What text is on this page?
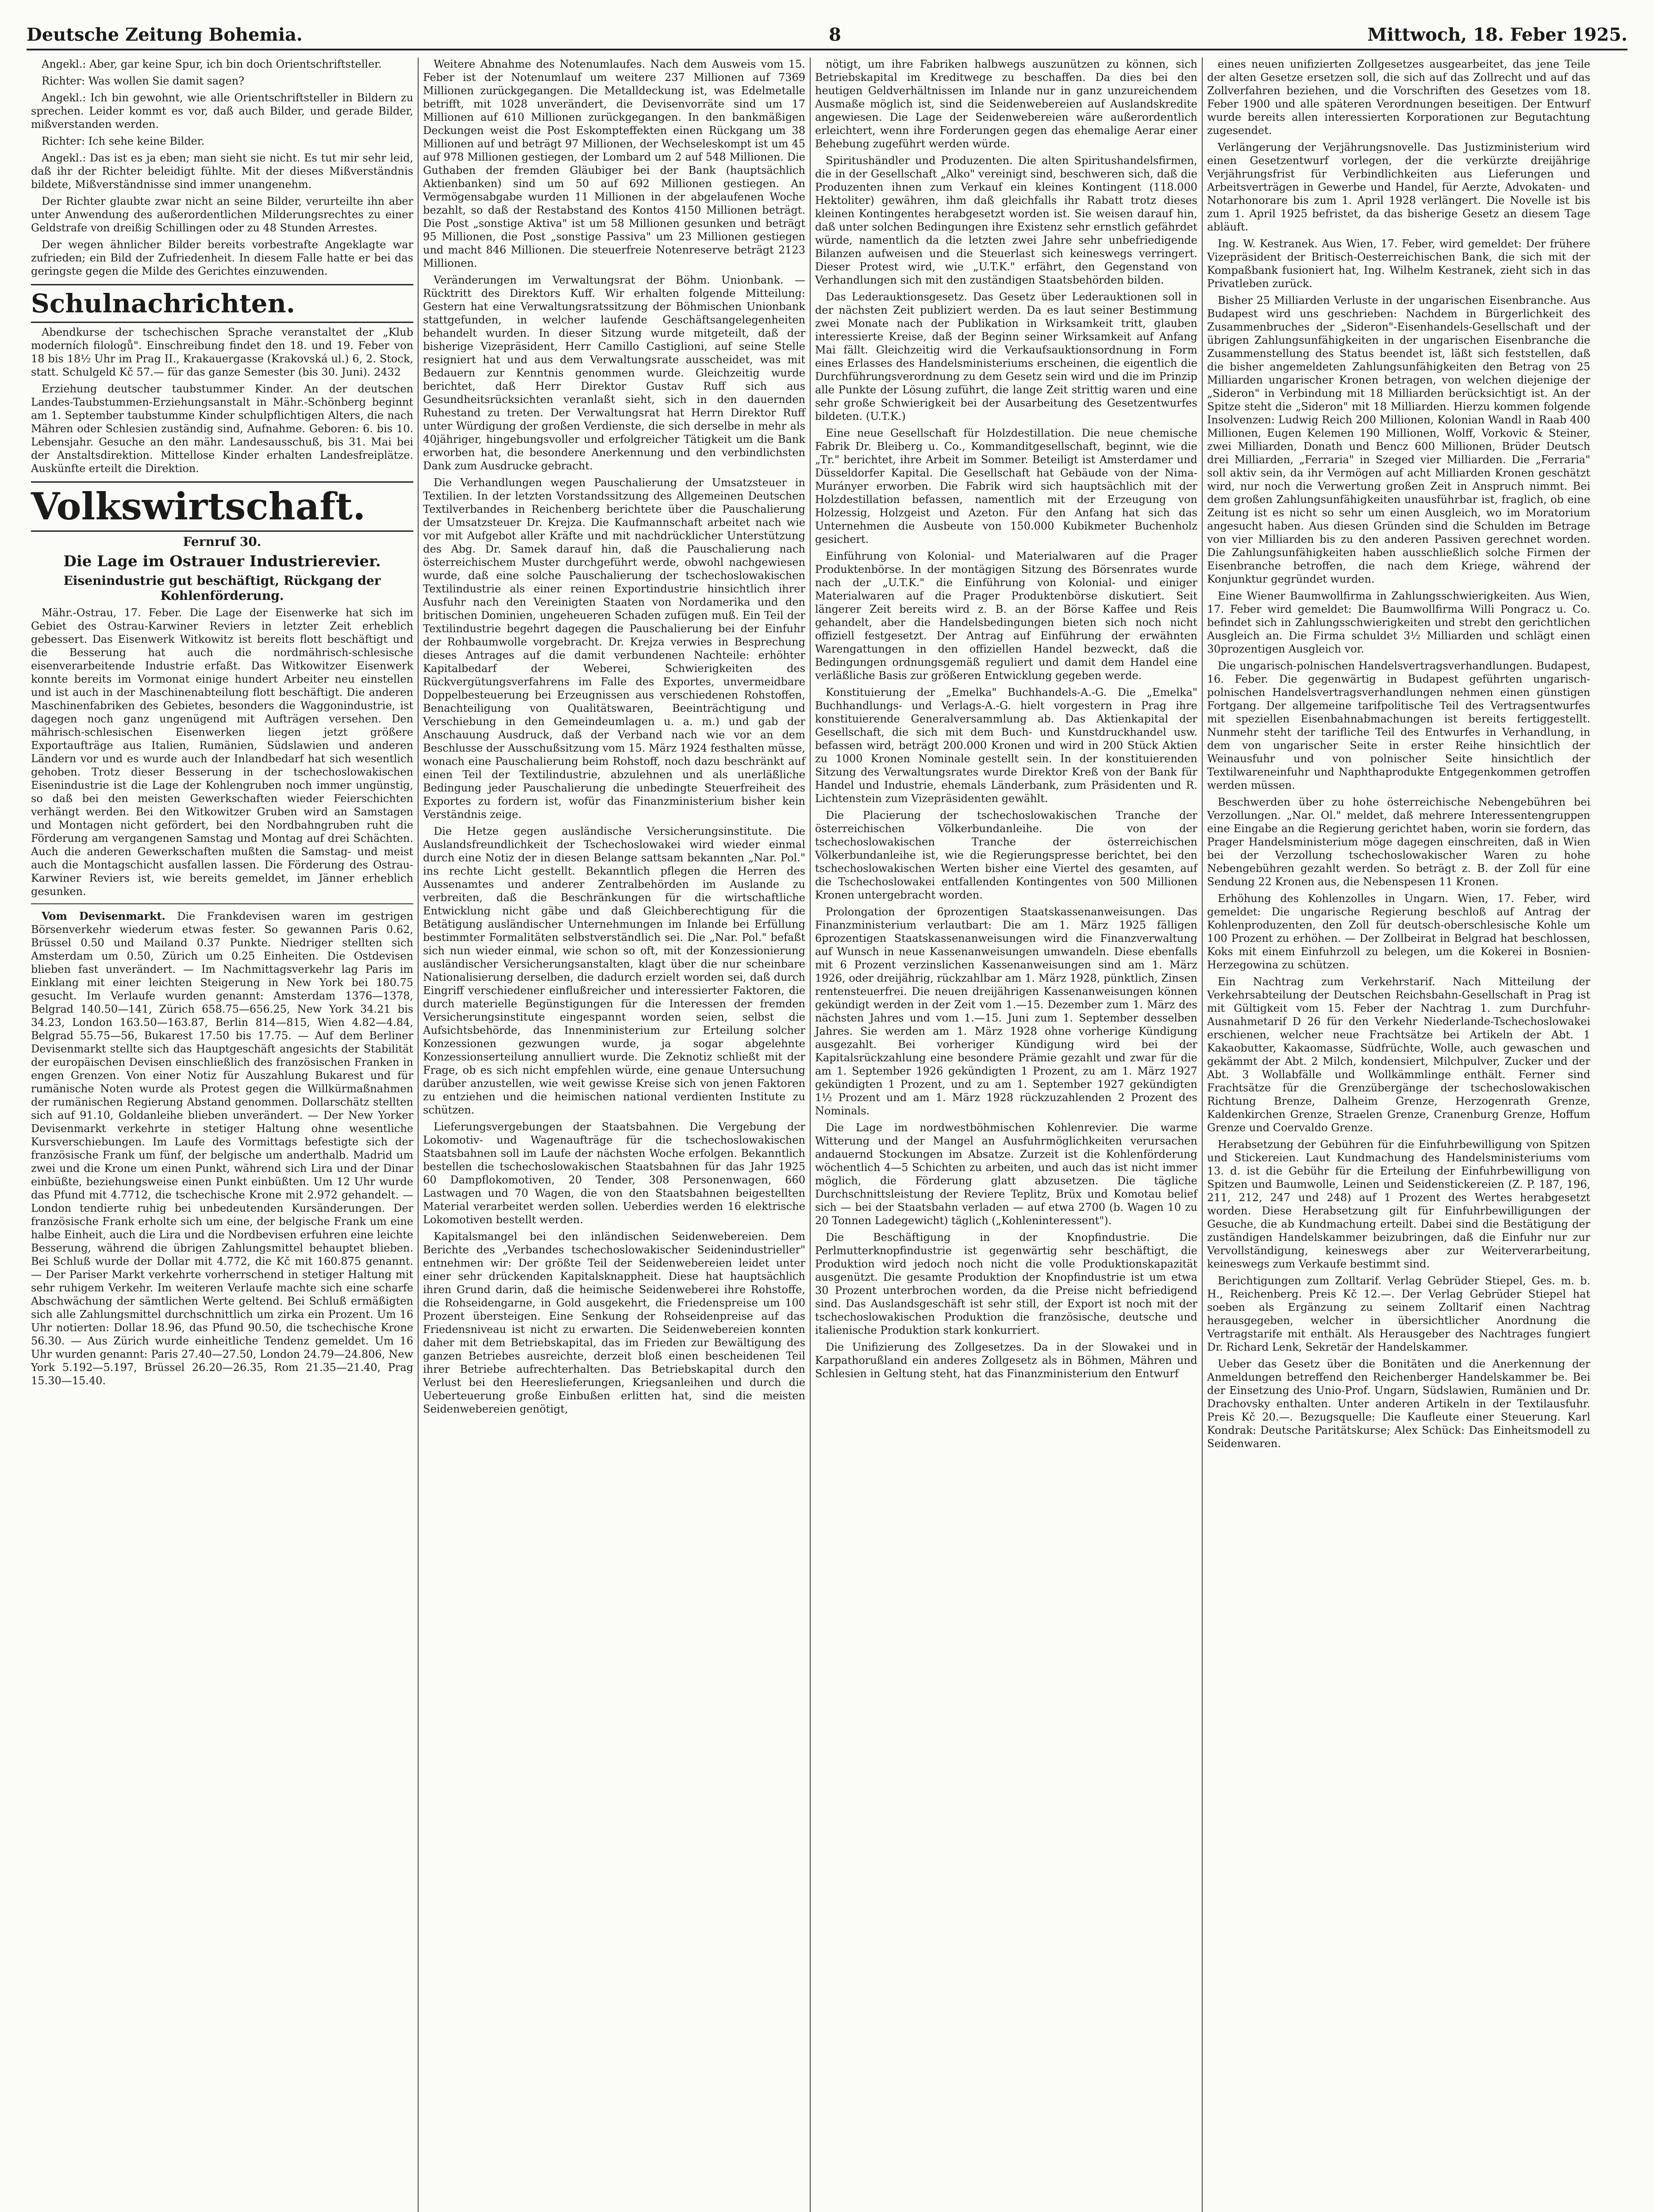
Deutsche Zeitung Bohemia.	8	Mittwoch, 18. Feber 1925.

Angekl.: Aber, gar keine Spur, ich bin doch Orientschriftsteller.

Richter: Was wollen Sie damit sagen?

Angekl.: Ich bin gewohnt, wie alle Orientschriftsteller in Bildern zu sprechen. Leider kommt es vor, daß auch Bilder, und gerade Bilder, mißverstanden werden.

Richter: Ich sehe keine Bilder.

Angekl.: Das ist es ja eben; man sieht sie nicht. Es tut mir sehr leid, daß ihr der Richter beleidigt fühlte. Mit der dieses Mißverständnis bildete, Mißverständnisse sind immer unangenehm.

Der Richter glaubte zwar nicht an seine Bilder, verurteilte ihn aber unter Anwendung des außerordentlichen Milderungsrechtes zu einer Geldstrafe von dreißig Schillingen oder zu 48 Stunden Arrestes.

Der wegen ähnlicher Bilder bereits vorbestrafte Angeklagte war zufrieden; ein Bild der Zufriedenheit. In diesem Falle hatte er bei das geringste gegen die Milde des Gerichtes einzuwenden.

Schulnachrichten.

Abendkurse der tschechischen Sprache veranstaltet der „Klub moderních filologů". Einschreibung findet den 18. und 19. Feber von 18 bis 18½ Uhr im Prag II., Krakauergasse (Krakovská ul.) 6, 2. Stock, statt. Schulgeld Kč 57.— für das ganze Semester (bis 30. Juni). 2432

Erziehung deutscher taubstummer Kinder. An der deutschen Landes-Taubstummen-Erziehungsanstalt in Mähr.-Schönberg beginnt am 1. September taubstumme Kinder schulpflichtigen Alters, die nach Mähren oder Schlesien zuständig sind, Aufnahme. Geboren: 6. bis 10. Lebensjahr. Gesuche an den mähr. Landesausschuß, bis 31. Mai bei der Anstaltsdirektion. Mittellose Kinder erhalten Landesfreiplätze. Auskünfte erteilt die Direktion.

Volkswirtschaft.
Fernruf 30.
Die Lage im Ostrauer Industrierevier.
Eisenindustrie gut beschäftigt, Rückgang der Kohlenförderung.

Mähr.-Ostrau, 17. Feber. Die Lage der Eisenwerke hat sich im Gebiet des Ostrau-Karwiner Reviers in letzter Zeit erheblich gebessert. Das Eisenwerk Witkowitz ist bereits flott beschäftigt und die Besserung hat auch die nordmährisch-schlesische eisenverarbeitende Industrie erfaßt. Das Witkowitzer Eisenwerk konnte bereits im Vormonat einige hundert Arbeiter neu einstellen und ist auch in der Maschinenabteilung flott beschäftigt. Die anderen Maschinenfabriken des Gebietes, besonders die Waggonindustrie, ist dagegen noch ganz ungenügend mit Aufträgen versehen. Den mährisch-schlesischen Eisenwerken liegen jetzt größere Exportaufträge aus Italien, Rumänien, Südslawien und anderen Ländern vor und es wurde auch der Inlandbedarf hat sich wesentlich gehoben. Trotz dieser Besserung in der tschechoslowakischen Eisenindustrie ist die Lage der Kohlengruben noch immer ungünstig, so daß bei den meisten Gewerkschaften wieder Feierschichten verhängt werden. Bei den Witkowitzer Gruben wird an Samstagen und Montagen nicht gefördert, bei den Nordbahngruben ruht die Förderung am vergangenen Samstag und Montag auf drei Schächten. Auch die anderen Gewerkschaften mußten die Samstag- und meist auch die Montagschicht ausfallen lassen. Die Förderung des Ostrau-Karwiner Reviers ist, wie bereits gemeldet, im Jänner erheblich gesunken.

Vom Devisenmarkt. Die Frankdevisen waren im gestrigen Börsenverkehr wiederum etwas fester. So gewannen Paris 0.62, Brüssel 0.50 und Mailand 0.37 Punkte. Niedriger stellten sich Amsterdam um 0.50, Zürich um 0.25 Einheiten. Die Ostdevisen blieben fast unverändert. — Im Nachmittagsverkehr lag Paris im Einklang mit einer leichten Steigerung in New York bei 180.75 gesucht. Im Verlaufe wurden genannt: Amsterdam 1376—1378, Belgrad 140.50—141, Zürich 658.75—656.25, New York 34.21 bis 34.23, London 163.50—163.87, Berlin 814—815, Wien 4.82—4.84, Belgrad 55.75—56, Bukarest 17.50 bis 17.75. — Auf dem Berliner Devisenmarkt stellte sich das Hauptgeschäft angesichts der Stabilität der europäischen Devisen einschließlich des französischen Franken in engen Grenzen. Von einer Notiz für Auszahlung Bukarest und für rumänische Noten wurde als Protest gegen die Willkürmaßnahmen der rumänischen Regierung Abstand genommen. Dollarschätz stellten sich auf 91.10, Goldanleihe blieben unverändert. — Der New Yorker Devisenmarkt verkehrte in stetiger Haltung ohne wesentliche Kursverschiebungen. Im Laufe des Vormittags befestigte sich der französische Frank um fünf, der belgische um anderthalb. Madrid um zwei und die Krone um einen Punkt, während sich Lira und der Dinar einbüßte, beziehungsweise einen Punkt einbüßten. Um 12 Uhr wurde das Pfund mit 4.7712, die tschechische Krone mit 2.972 gehandelt. — London tendierte ruhig bei unbedeutenden Kursänderungen. Der französische Frank erholte sich um eine, der belgische Frank um eine halbe Einheit, auch die Lira und die Nordbevisen erfuhren eine leichte Besserung, während die übrigen Zahlungsmittel behauptet blieben. Bei Schluß wurde der Dollar mit 4.772, die Kč mit 160.875 genannt. — Der Pariser Markt verkehrte vorherrschend in stetiger Haltung mit sehr ruhigem Verkehr. Im weiteren Verlaufe machte sich eine scharfe Abschwächung der sämtlichen Werte geltend. Bei Schluß ermäßigten sich alle Zahlungsmittel durchschnittlich um zirka ein Prozent. Um 16 Uhr notierten: Dollar 18.96, das Pfund 90.50, die tschechische Krone 56.30. — Aus Zürich wurde einheitliche Tendenz gemeldet. Um 16 Uhr wurden genannt: Paris 27.40—27.50, London 24.79—24.806, New York 5.192—5.197, Brüssel 26.20—26.35, Rom 21.35—21.40, Prag 15.30—15.40.

Weitere Abnahme des Notenumlaufes. Nach dem Ausweis vom 15. Feber ist der Notenumlauf um weitere 237 Millionen auf 7369 Millionen zurückgegangen. Die Metalldeckung ist, was Edelmetalle betrifft, mit 1028 unverändert, die Devisenvorräte sind um 17 Millionen auf 610 Millionen zurückgegangen. In den bankmäßigen Deckungen weist die Post Eskompteffekten einen Rückgang um 38 Millionen auf und beträgt 97 Millionen, der Wechseleskompt ist um 45 auf 978 Millionen gestiegen, der Lombard um 2 auf 548 Millionen. Die Guthaben der fremden Gläubiger bei der Bank (hauptsächlich Aktienbanken) sind um 50 auf 692 Millionen gestiegen. An Vermögensabgabe wurden 11 Millionen in der abgelaufenen Woche bezahlt, so daß der Restabstand des Kontos 4150 Millionen beträgt. Die Post „sonstige Aktiva" ist um 58 Millionen gesunken und beträgt 95 Millionen, die Post „sonstige Passiva" um 23 Millionen gestiegen und macht 846 Millionen. Die steuerfreie Notenreserve beträgt 2123 Millionen.

Veränderungen im Verwaltungsrat der Böhm. Unionbank. — Rücktritt des Direktors Kuff. Wir erhalten folgende Mitteilung: Gestern hat eine Verwaltungsratssitzung der Böhmischen Unionbank stattgefunden, in welcher laufende Geschäftsangelegenheiten behandelt wurden. In dieser Sitzung wurde mitgeteilt, daß der bisherige Vizepräsident, Herr Camillo Castiglioni, auf seine Stelle resigniert hat und aus dem Verwaltungsrate ausscheidet, was mit Bedauern zur Kenntnis genommen wurde. Gleichzeitig wurde berichtet, daß Herr Direktor Gustav Ruff sich aus Gesundheitsrücksichten veranlaßt sieht, sich in den dauernden Ruhestand zu treten. Der Verwaltungsrat hat Herrn Direktor Ruff unter Würdigung der großen Verdienste, die sich derselbe in mehr als 40jähriger, hingebungsvoller und erfolgreicher Tätigkeit um die Bank erworben hat, die besondere Anerkennung und den verbindlichsten Dank zum Ausdrucke gebracht.

Die Verhandlungen wegen Pauschalierung der Umsatzsteuer in Textilien. In der letzten Vorstandssitzung des Allgemeinen Deutschen Textilverbandes in Reichenberg berichtete über die Pauschalierung der Umsatzsteuer Dr. Krejza. Die Kaufmannschaft arbeitet nach wie vor mit Aufgebot aller Kräfte und mit nachdrücklicher Unterstützung des Abg. Dr. Samek darauf hin, daß die Pauschalierung nach österreichischem Muster durchgeführt werde, obwohl nachgewiesen wurde, daß eine solche Pauschalierung der tschechoslowakischen Textilindustrie als einer reinen Exportindustrie hinsichtlich ihrer Ausfuhr nach den Vereinigten Staaten von Nordamerika und den britischen Dominien, ungeheueren Schaden zufügen muß. Ein Teil der Textilindustrie begehrt dagegen die Pauschalierung bei der Einfuhr der Rohbaumwolle vorgebracht. Dr. Krejza verwies in Besprechung dieses Antrages auf die damit verbundenen Nachteile: erhöhter Kapitalbedarf der Weberei, Schwierigkeiten des Rückvergütungsverfahrens im Falle des Exportes, unvermeidbare Doppelbesteuerung bei Erzeugnissen aus verschiedenen Rohstoffen, Benachteiligung von Qualitätswaren, Beeinträchtigung und Verschiebung in den Gemeindeumlagen u. a. m.) und gab der Anschauung Ausdruck, daß der Verband nach wie vor an dem Beschlusse der Ausschußsitzung vom 15. März 1924 festhalten müsse, wonach eine Pauschalierung beim Rohstoff, noch dazu beschränkt auf einen Teil der Textilindustrie, abzulehnen und als unerläßliche Bedingung jeder Pauschalierung die unbedingte Steuerfreiheit des Exportes zu fordern ist, wofür das Finanzministerium bisher kein Verständnis zeige.

Die Hetze gegen ausländische Versicherungsinstitute. Die Auslandsfreundlichkeit der Tschechoslowakei wird wieder einmal durch eine Notiz der in diesen Belange sattsam bekannten „Nar. Pol." ins rechte Licht gestellt. Bekanntlich pflegen die Herren des Aussenamtes und anderer Zentralbehörden im Auslande zu verbreiten, daß die Beschränkungen für die wirtschaftliche Entwicklung nicht gäbe und daß Gleichberechtigung für die Betätigung ausländischer Unternehmungen im Inlande bei Erfüllung bestimmter Formalitäten selbstverständlich sei. Die „Nar. Pol." befaßt sich nun wieder einmal, wie schon so oft, mit der Konzessionierung ausländischer Versicherungsanstalten, klagt über die nur scheinbare Nationalisierung derselben, die dadurch erzielt worden sei, daß durch Eingriff verschiedener einflußreicher und interessierter Faktoren, die durch materielle Begünstigungen für die Interessen der fremden Versicherungsinstitute eingespannt worden seien, selbst die Aufsichtsbehörde, das Innenministerium zur Erteilung solcher Konzessionen gezwungen wurde, ja sogar abgelehnte Konzessionserteilung annulliert wurde. Die Zeknotiz schließt mit der Frage, ob es sich nicht empfehlen würde, eine genaue Untersuchung darüber anzustellen, wie weit gewisse Kreise sich von jenen Faktoren zu entziehen und die heimischen national verdienten Institute zu schützen.

Lieferungsvergebungen der Staatsbahnen. Die Vergebung der Lokomotiv- und Wagenaufträge für die tschechoslowakischen Staatsbahnen soll im Laufe der nächsten Woche erfolgen. Bekanntlich bestellen die tschechoslowakischen Staatsbahnen für das Jahr 1925 60 Dampflokomotiven, 20 Tender, 308 Personenwagen, 660 Lastwagen und 70 Wagen, die von den Staatsbahnen beigestellten Material verarbeitet werden sollen. Ueberdies werden 16 elektrische Lokomotiven bestellt werden.

Kapitalsmangel bei den inländischen Seidenwebereien. Dem Berichte des „Verbandes tschechoslowakischer Seidenindustrieller" entnehmen wir: Der größte Teil der Seidenwebereien leidet unter einer sehr drückenden Kapitalsknappheit. Diese hat hauptsächlich ihren Grund darin, daß die heimische Seidenweberei ihre Rohstoffe, die Rohseidengarne, in Gold ausgekehrt, die Friedenspreise um 100 Prozent übersteigen. Eine Senkung der Rohseidenpreise auf das Friedensniveau ist nicht zu erwarten. Die Seidenwebereien konnten daher mit dem Betriebskapital, das im Frieden zur Bewältigung des ganzen Betriebes ausreichte, derzeit bloß einen bescheidenen Teil ihrer Betriebe aufrechterhalten. Das Betriebskapital durch den Verlust bei den Heereslieferungen, Kriegsanleihen und durch die Ueberteuerung große Einbußen erlitten hat, sind die meisten Seidenwebereien genötigt,

nötigt, um ihre Fabriken halbwegs auszunützen zu können, sich Betriebskapital im Kreditwege zu beschaffen. Da dies bei den heutigen Geldverhältnissen im Inlande nur in ganz unzureichendem Ausmaße möglich ist, sind die Seidenwebereien auf Auslandskredite angewiesen. Die Lage der Seidenwebereien wäre außerordentlich erleichtert, wenn ihre Forderungen gegen das ehemalige Aerar einer Behebung zugeführt werden würde.

Spiritushändler und Produzenten. Die alten Spiritushandelsfirmen, die in der Gesellschaft „Alko" vereinigt sind, beschweren sich, daß die Produzenten ihnen zum Verkauf ein kleines Kontingent (118.000 Hektoliter) gewähren, ihm daß gleichfalls ihr Rabatt trotz dieses kleinen Kontingentes herabgesetzt worden ist. Sie weisen darauf hin, daß unter solchen Bedingungen ihre Existenz sehr ernstlich gefährdet würde, namentlich da die letzten zwei Jahre sehr unbefriedigende Bilanzen aufweisen und die Steuerlast sich keineswegs verringert. Dieser Protest wird, wie „U.T.K." erfährt, den Gegenstand von Verhandlungen sich mit den zuständigen Staatsbehörden bilden.

Das Lederauktionsgesetz. Das Gesetz über Lederauktionen soll in der nächsten Zeit publiziert werden. Da es laut seiner Bestimmung zwei Monate nach der Publikation in Wirksamkeit tritt, glauben interessierte Kreise, daß der Beginn seiner Wirksamkeit auf Anfang Mai fällt. Gleichzeitig wird die Verkaufsauktionsordnung in Form eines Erlasses des Handelsministeriums erscheinen, die eigentlich die Durchführungsverordnung zu dem Gesetz sein wird und die im Prinzip alle Punkte der Lösung zuführt, die lange Zeit strittig waren und eine sehr große Schwierigkeit bei der Ausarbeitung des Gesetzentwurfes bildeten. (U.T.K.)

Eine neue Gesellschaft für Holzdestillation. Die neue chemische Fabrik Dr. Bleiberg u. Co., Kommanditgesellschaft, beginnt, wie die „Tr." berichtet, ihre Arbeit im Sommer. Beteiligt ist Amsterdamer und Düsseldorfer Kapital. Die Gesellschaft hat Gebäude von der Nima-Murányer erworben. Die Fabrik wird sich hauptsächlich mit der Holzdestillation befassen, namentlich mit der Erzeugung von Holzessig, Holzgeist und Azeton. Für den Anfang hat sich das Unternehmen die Ausbeute von 150.000 Kubikmeter Buchenholz gesichert.

Einführung von Kolonial- und Materialwaren auf die Prager Produktenbörse. In der montägigen Sitzung des Börsenrates wurde nach der „U.T.K." die Einführung von Kolonial- und einiger Materialwaren auf die Prager Produktenbörse diskutiert. Seit längerer Zeit bereits wird z. B. an der Börse Kaffee und Reis gehandelt, aber die Handelsbedingungen bieten sich noch nicht offiziell festgesetzt. Der Antrag auf Einführung der erwähnten Warengattungen in den offiziellen Handel bezweckt, daß die Bedingungen ordnungsgemäß reguliert und damit dem Handel eine verläßliche Basis zur größeren Entwicklung gegeben werde.

Konstituierung der „Emelka" Buchhandels-A.-G. Die „Emelka" Buchhandlungs- und Verlags-A.-G. hielt vorgestern in Prag ihre konstituierende Generalversammlung ab. Das Aktienkapital der Gesellschaft, die sich mit dem Buch- und Kunstdruckhandel usw. befassen wird, beträgt 200.000 Kronen und wird in 200 Stück Aktien zu 1000 Kronen Nominale gestellt sein. In der konstituierenden Sitzung des Verwaltungsrates wurde Direktor Kreß von der Bank für Handel und Industrie, ehemals Länderbank, zum Präsidenten und R. Lichtenstein zum Vizepräsidenten gewählt.

Die Placierung der tschechoslowakischen Tranche der österreichischen Völkerbundanleihe. Die von der tschechoslowakischen Tranche der österreichischen Völkerbundanleihe ist, wie die Regierungspresse berichtet, bei den tschechoslowakischen Werten bisher eine Viertel des gesamten, auf die Tschechoslowakei entfallenden Kontingentes von 500 Millionen Kronen untergebracht worden.

Prolongation der 6prozentigen Staatskassenanweisungen. Das Finanzministerium verlautbart: Die am 1. März 1925 fälligen 6prozentigen Staatskassenanweisungen wird die Finanzverwaltung auf Wunsch in neue Kassenanweisungen umwandeln. Diese ebenfalls mit 6 Prozent verzinslichen Kassenanweisungen sind am 1. März 1926, oder dreijährig, rückzahlbar am 1. März 1928, pünktlich, Zinsen rentensteuerfrei. Die neuen dreijährigen Kassenanweisungen können gekündigt werden in der Zeit vom 1.—15. Dezember zum 1. März des nächsten Jahres und vom 1.—15. Juni zum 1. September desselben Jahres. Sie werden am 1. März 1928 ohne vorherige Kündigung ausgezahlt. Bei vorheriger Kündigung wird bei der Kapitalsrückzahlung eine besondere Prämie gezahlt und zwar für die am 1. September 1926 gekündigten 1 Prozent, zu am 1. März 1927 gekündigten 1 Prozent, und zu am 1. September 1927 gekündigten 1½ Prozent und am 1. März 1928 rückzuzahlenden 2 Prozent des Nominals.

Die Lage im nordwestböhmischen Kohlenrevier. Die warme Witterung und der Mangel an Ausfuhrmöglichkeiten verursachen andauernd Stockungen im Absatze. Zurzeit ist die Kohlenförderung wöchentlich 4—5 Schichten zu arbeiten, und auch das ist nicht immer möglich, die Förderung glatt abzusetzen. Die tägliche Durchschnittsleistung der Reviere Teplitz, Brüx und Komotau belief sich — bei der Staatsbahn verladen — auf etwa 2700 (b. Wagen 10 zu 20 Tonnen Ladegewicht) täglich („Kohleninteressent").

Die Beschäftigung in der Knopfindustrie. Die Perlmutterknopfindustrie ist gegenwärtig sehr beschäftigt, die Produktion wird jedoch noch nicht die volle Produktionskapazität ausgenützt. Die gesamte Produktion der Knopfindustrie ist um etwa 30 Prozent unterbrochen worden, da die Preise nicht befriedigend sind. Das Auslandsgeschäft ist sehr still, der Export ist noch mit der tschechoslowakischen Produktion die französische, deutsche und italienische Produktion stark konkurriert.

Die Unifizierung des Zollgesetzes. Da in der Slowakei und in Karpathorußland ein anderes Zollgesetz als in Böhmen, Mähren und Schlesien in Geltung steht, hat das Finanzministerium den Entwurf

eines neuen unifizierten Zollgesetzes ausgearbeitet, das jene Teile der alten Gesetze ersetzen soll, die sich auf das Zollrecht und auf das Zollverfahren beziehen, und die Vorschriften des Gesetzes vom 18. Feber 1900 und alle späteren Verordnungen beseitigen. Der Entwurf wurde bereits allen interessierten Korporationen zur Begutachtung zugesendet.

Verlängerung der Verjährungsnovelle. Das Justizministerium wird einen Gesetzentwurf vorlegen, der die verkürzte dreijährige Verjährungsfrist für Verbindlichkeiten aus Lieferungen und Arbeitsverträgen in Gewerbe und Handel, für Aerzte, Advokaten- und Notarhonorare bis zum 1. April 1928 verlängert. Die Novelle ist bis zum 1. April 1925 befristet, da das bisherige Gesetz an diesem Tage abläuft.

Ing. W. Kestranek. Aus Wien, 17. Feber, wird gemeldet: Der frühere Vizepräsident der Britisch-Oesterreichischen Bank, die sich mit der Kompaßbank fusioniert hat, Ing. Wilhelm Kestranek, zieht sich in das Privatleben zurück.

Bisher 25 Milliarden Verluste in der ungarischen Eisenbranche. Aus Budapest wird uns geschrieben: Nachdem in Bürgerlichkeit des Zusammenbruches der „Sideron"-Eisenhandels-Gesellschaft und der übrigen Zahlungsunfähigkeiten in der ungarischen Eisenbranche die Zusammenstellung des Status beendet ist, läßt sich feststellen, daß die bisher angemeldeten Zahlungsunfähigkeiten den Betrag von 25 Milliarden ungarischer Kronen betragen, von welchen diejenige der „Sideron" in Verbindung mit 18 Milliarden berücksichtigt ist. An der Spitze steht die „Sideron" mit 18 Milliarden. Hierzu kommen folgende Insolvenzen: Ludwig Reich 200 Millionen, Kolonian Wandl in Raab 400 Millionen, Eugen Kelemen 190 Millionen, Wolff, Vorkovic & Steiner, zwei Milliarden, Donath und Bencz 600 Millionen, Brüder Deutsch drei Milliarden, „Ferraria" in Szeged vier Milliarden. Die „Ferraria" soll aktiv sein, da ihr Vermögen auf acht Milliarden Kronen geschätzt wird, nur noch die Verwertung großen Zeit in Anspruch nimmt. Bei dem großen Zahlungsunfähigkeiten unausführbar ist, fraglich, ob eine Zeitung ist es nicht so sehr um einen Ausgleich, wo im Moratorium angesucht haben. Aus diesen Gründen sind die Schulden im Betrage von vier Milliarden bis zu den anderen Passiven gerechnet worden. Die Zahlungsunfähigkeiten haben ausschließlich solche Firmen der Eisenbranche betroffen, die nach dem Kriege, während der Konjunktur gegründet wurden.

Eine Wiener Baumwollfirma in Zahlungsschwierigkeiten. Aus Wien, 17. Feber wird gemeldet: Die Baumwollfirma Willi Pongracz u. Co. befindet sich in Zahlungsschwierigkeiten und strebt den gerichtlichen Ausgleich an. Die Firma schuldet 3½ Milliarden und schlägt einen 30prozentigen Ausgleich vor.

Die ungarisch-polnischen Handelsvertragsverhandlungen. Budapest, 16. Feber. Die gegenwärtig in Budapest geführten ungarisch-polnischen Handelsvertragsverhandlungen nehmen einen günstigen Fortgang. Der allgemeine tarifpolitische Teil des Vertragsentwurfes mit speziellen Eisenbahnabmachungen ist bereits fertiggestellt. Nunmehr steht der tarifliche Teil des Entwurfes in Verhandlung, in dem von ungarischer Seite in erster Reihe hinsichtlich der Weinausfuhr und von polnischer Seite hinsichtlich der Textilwareneinfuhr und Naphthaprodukte Entgegenkommen getroffen werden müssen.

Beschwerden über zu hohe österreichische Nebengebühren bei Verzollungen. „Nar. Ol." meldet, daß mehrere Interessentengruppen eine Eingabe an die Regierung gerichtet haben, worin sie fordern, das Prager Handelsministerium möge dagegen einschreiten, daß in Wien bei der Verzollung tschechoslowakischer Waren zu hohe Nebengebühren gezahlt werden. So beträgt z. B. der Zoll für eine Sendung 22 Kronen aus, die Nebenspesen 11 Kronen.

Erhöhung des Kohlenzolles in Ungarn. Wien, 17. Feber, wird gemeldet: Die ungarische Regierung beschloß auf Antrag der Kohlenproduzenten, den Zoll für deutsch-oberschlesische Kohle um 100 Prozent zu erhöhen. — Der Zollbeirat in Belgrad hat beschlossen, Koks mit einem Einfuhrzoll zu belegen, um die Kokerei in Bosnien-Herzegowina zu schützen.

Ein Nachtrag zum Verkehrstarif. Nach Mitteilung der Verkehrsabteilung der Deutschen Reichsbahn-Gesellschaft in Prag ist mit Gültigkeit vom 15. Feber der Nachtrag 1. zum Durchfuhr-Ausnahmetarif D 26 für den Verkehr Niederlande-Tschechoslowakei erschienen, welcher neue Frachtsätze bei Artikeln der Abt. 1 Kakaobutter, Kakaomasse, Südfrüchte, Wolle, auch gewaschen und gekämmt der Abt. 2 Milch, kondensiert, Milchpulver, Zucker und der Abt. 3 Wollabfälle und Wollkämmlinge enthält. Ferner sind Frachtsätze für die Grenzübergänge der tschechoslowakischen Richtung Brenze, Dalheim Grenze, Herzogenrath Grenze, Kaldenkirchen Grenze, Straelen Grenze, Cranenburg Grenze, Hoffum Grenze und Coervaldo Grenze.

Herabsetzung der Gebühren für die Einfuhrbewilligung von Spitzen und Stickereien. Laut Kundmachung des Handelsministeriums vom 13. d. ist die Gebühr für die Erteilung der Einfuhrbewilligung von Spitzen und Baumwolle, Leinen und Seidenstickereien (Z. P. 187, 196, 211, 212, 247 und 248) auf 1 Prozent des Wertes herabgesetzt worden. Diese Herabsetzung gilt für Einfuhrbewilligungen der Gesuche, die ab Kundmachung erteilt. Dabei sind die Bestätigung der zuständigen Handelskammer beizubringen, daß die Einfuhr nur zur Vervollständigung, keineswegs aber zur Weiterverarbeitung, keineswegs zum Verkaufe bestimmt sind.

Berichtigungen zum Zolltarif. Verlag Gebrüder Stiepel, Ges. m. b. H., Reichenberg. Preis Kč 12.—. Der Verlag Gebrüder Stiepel hat soeben als Ergänzung zu seinem Zolltarif einen Nachtrag herausgegeben, welcher in übersichtlicher Anordnung die Vertragstarife mit enthält. Als Herausgeber des Nachtrages fungiert Dr. Richard Lenk, Sekretär der Handelskammer.

Ueber das Gesetz über die Bonitäten und die Anerkennung der Anmeldungen betreffend den Reichenberger Handelskammer be. Bei der Einsetzung des Unio-Prof. Ungarn, Südslawien, Rumänien und Dr. Drachovsky enthalten. Unter anderen Artikeln in der Textilausfuhr. Preis Kč 20.—. Bezugsquelle: Die Kaufleute einer Steuerung. Karl Kondrak: Deutsche Paritätskurse; Alex Schück: Das Einheitsmodell zu Seidenwaren.
